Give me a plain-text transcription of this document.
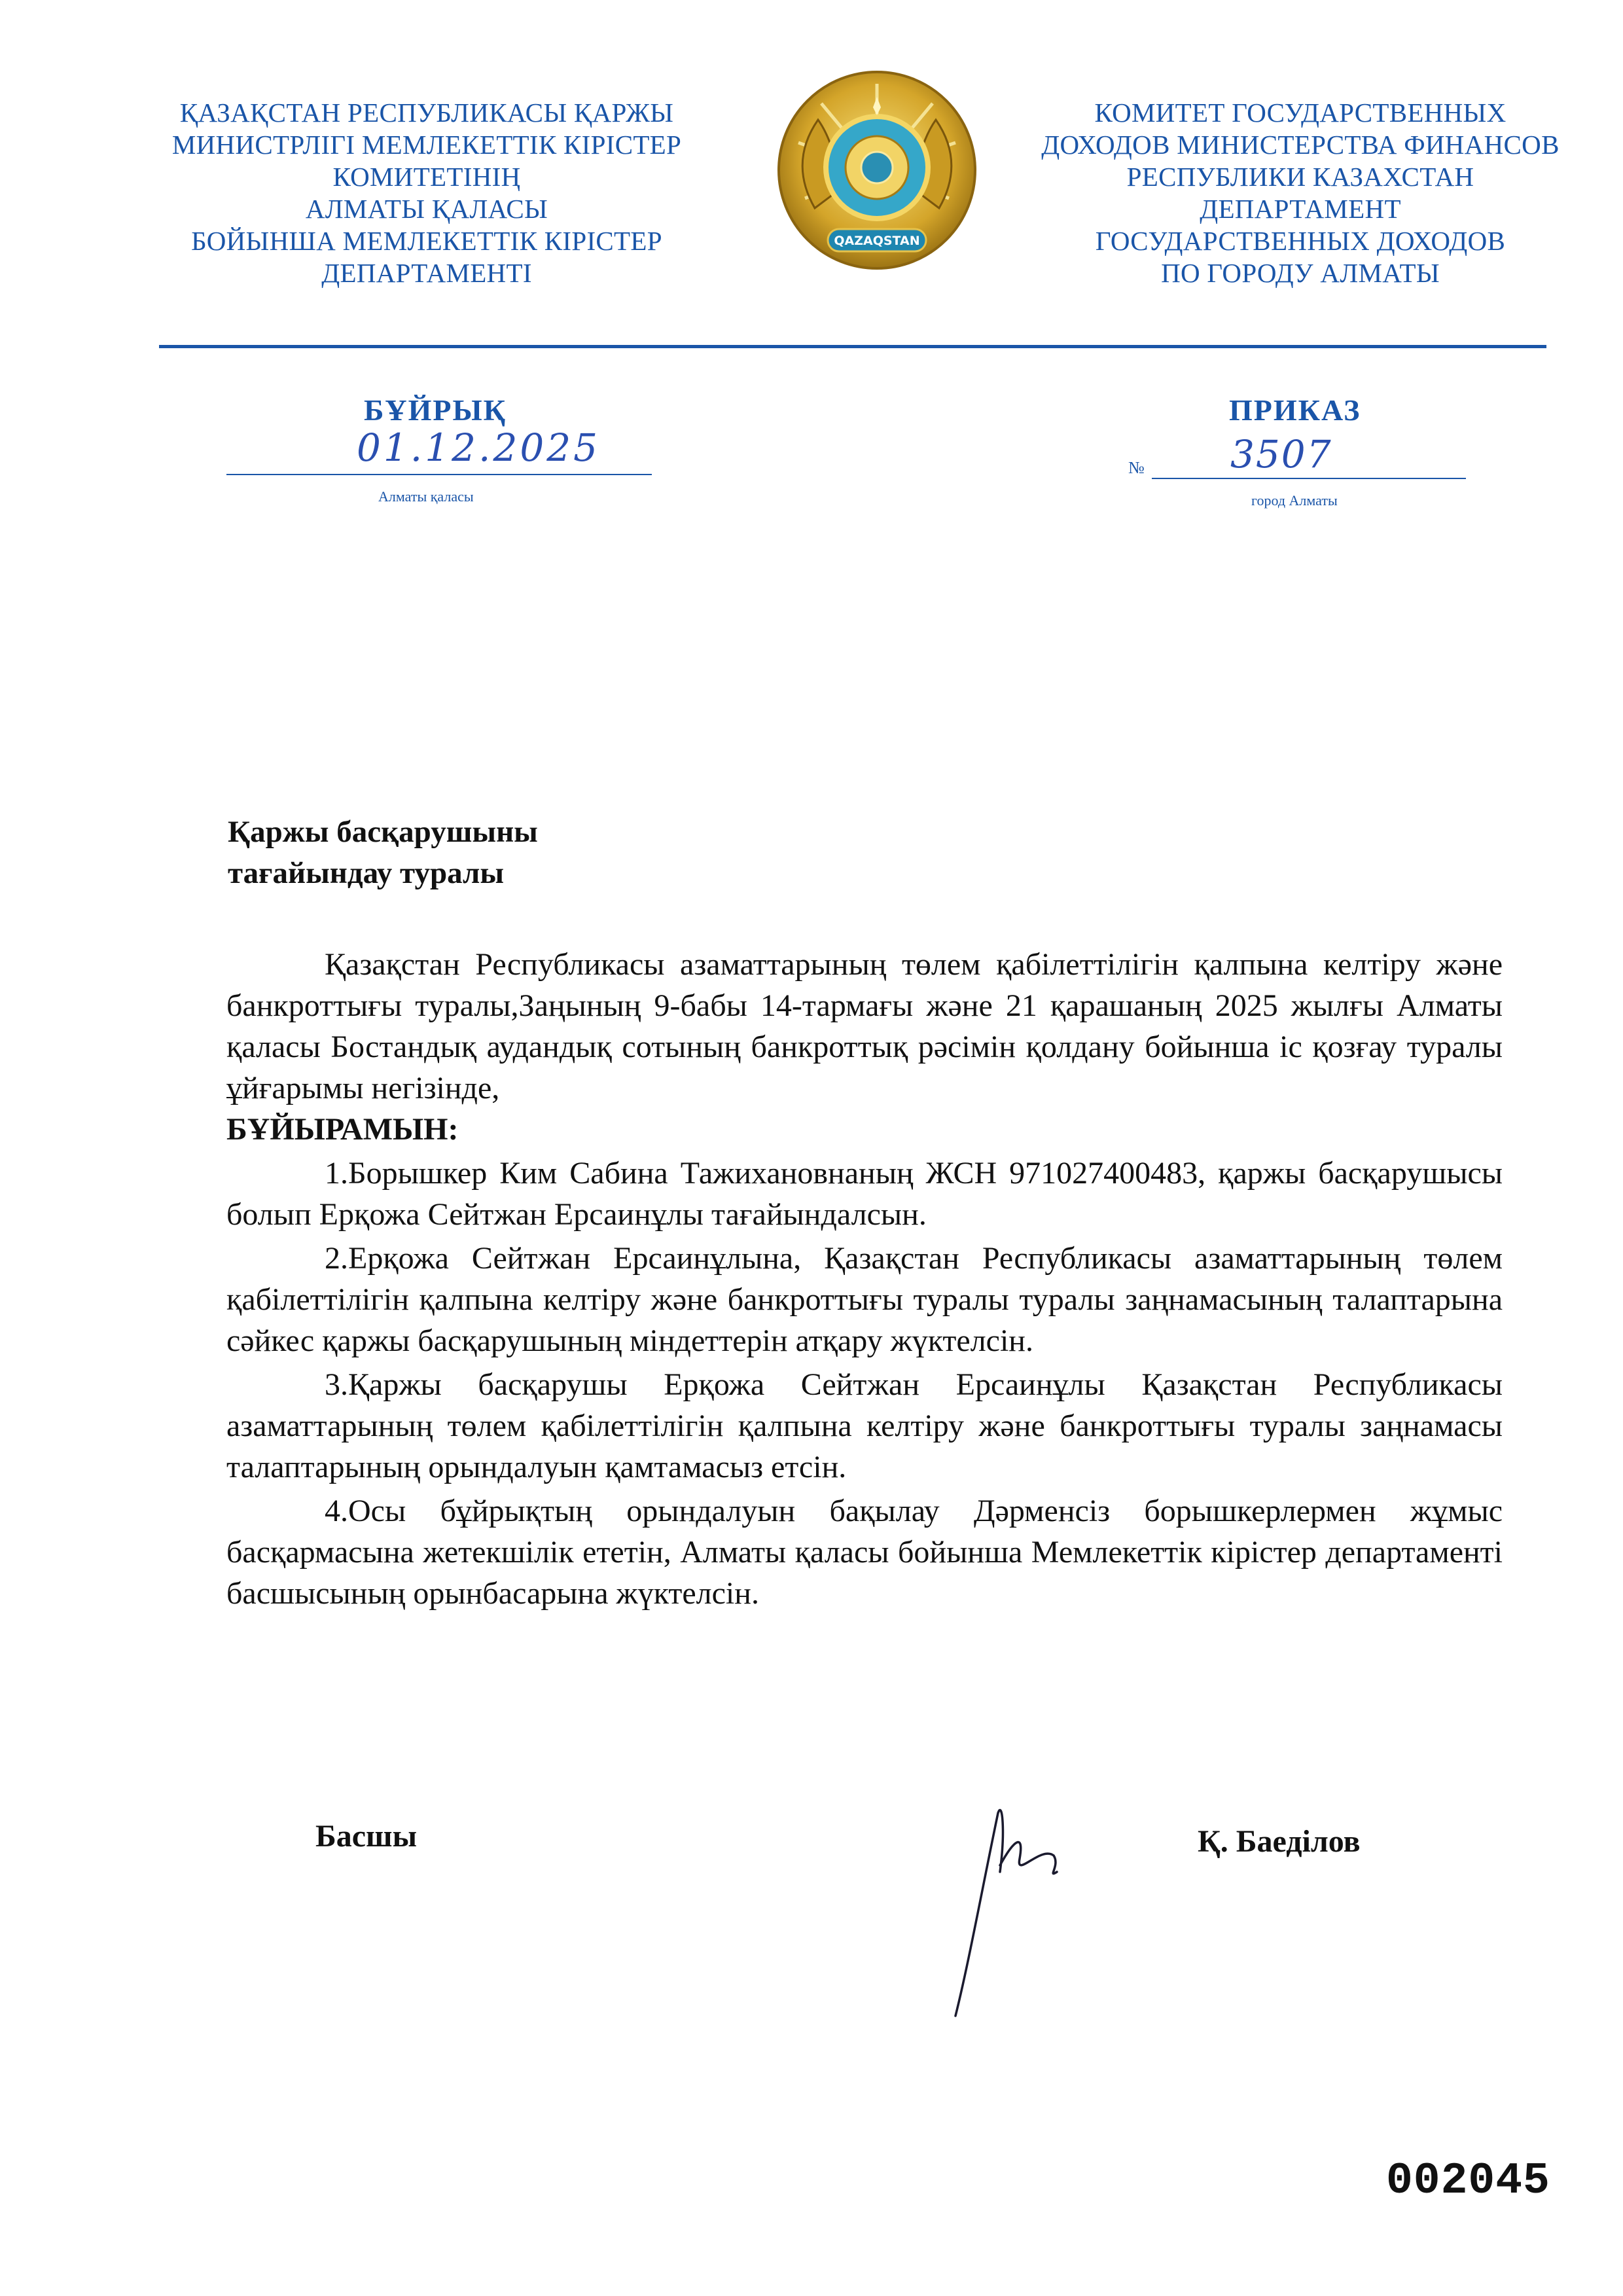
ҚАЗАҚСТАН РЕСПУБЛИКАСЫ ҚАРЖЫ
МИНИСТРЛІГІ МЕМЛЕКЕТТІК КІРІСТЕР
КОМИТЕТІНІҢ
АЛМАТЫ ҚАЛАСЫ
БОЙЫНША МЕМЛЕКЕТТІК КІРІСТЕР
ДЕПАРТАМЕНТІ
QAZAQSTAN
КОМИТЕТ ГОСУДАРСТВЕННЫХ
ДОХОДОВ МИНИСТЕРСТВА ФИНАНСОВ
РЕСПУБЛИКИ КАЗАХСТАН
ДЕПАРТАМЕНТ
ГОСУДАРСТВЕННЫХ ДОХОДОВ
ПО ГОРОДУ АЛМАТЫ
БҰЙРЫҚ	ПРИКАЗ
01.12.2025
Алматы қаласы
№ 3507
город Алматы
Қаржы басқарушыны
тағайындау туралы

Қазақстан Республикасы азаматтарының төлем қабілеттілігін қалпына келтіру және банкроттығы туралы,Заңының 9-бабы 14-тармағы және 21 қарашаның 2025 жылғы Алматы қаласы Бостандық аудандық сотының банкроттық рәсімін қолдану бойынша іс қозғау туралы ұйғарымы негізінде,

БҰЙЫРАМЫН:

1.Борышкер Ким Сабина Тажихановнаның ЖСН 971027400483, қаржы басқарушысы болып Ерқожа Сейтжан Ерсаинұлы тағайындалсын.

2.Ерқожа Сейтжан Ерсаинұлына, Қазақстан Республикасы азаматтарының төлем қабілеттілігін қалпына келтіру және банкроттығы туралы туралы заңнамасының талаптарына сәйкес қаржы басқарушының міндеттерін атқару жүктелсін.

3.Қаржы басқарушы Ерқожа Сейтжан Ерсаинұлы Қазақстан Республикасы азаматтарының төлем қабілеттілігін қалпына келтіру және банкроттығы туралы заңнамасы талаптарының орындалуын қамтамасыз етсін.

4.Осы бұйрықтың орындалуын бақылау Дәрменсіз борышкерлермен жұмыс басқармасына жетекшілік ететін, Алматы қаласы бойынша Мемлекеттік кірістер департаменті басшысының орынбасарына жүктелсін.

Басшы	Қ. Баеділов
002045
